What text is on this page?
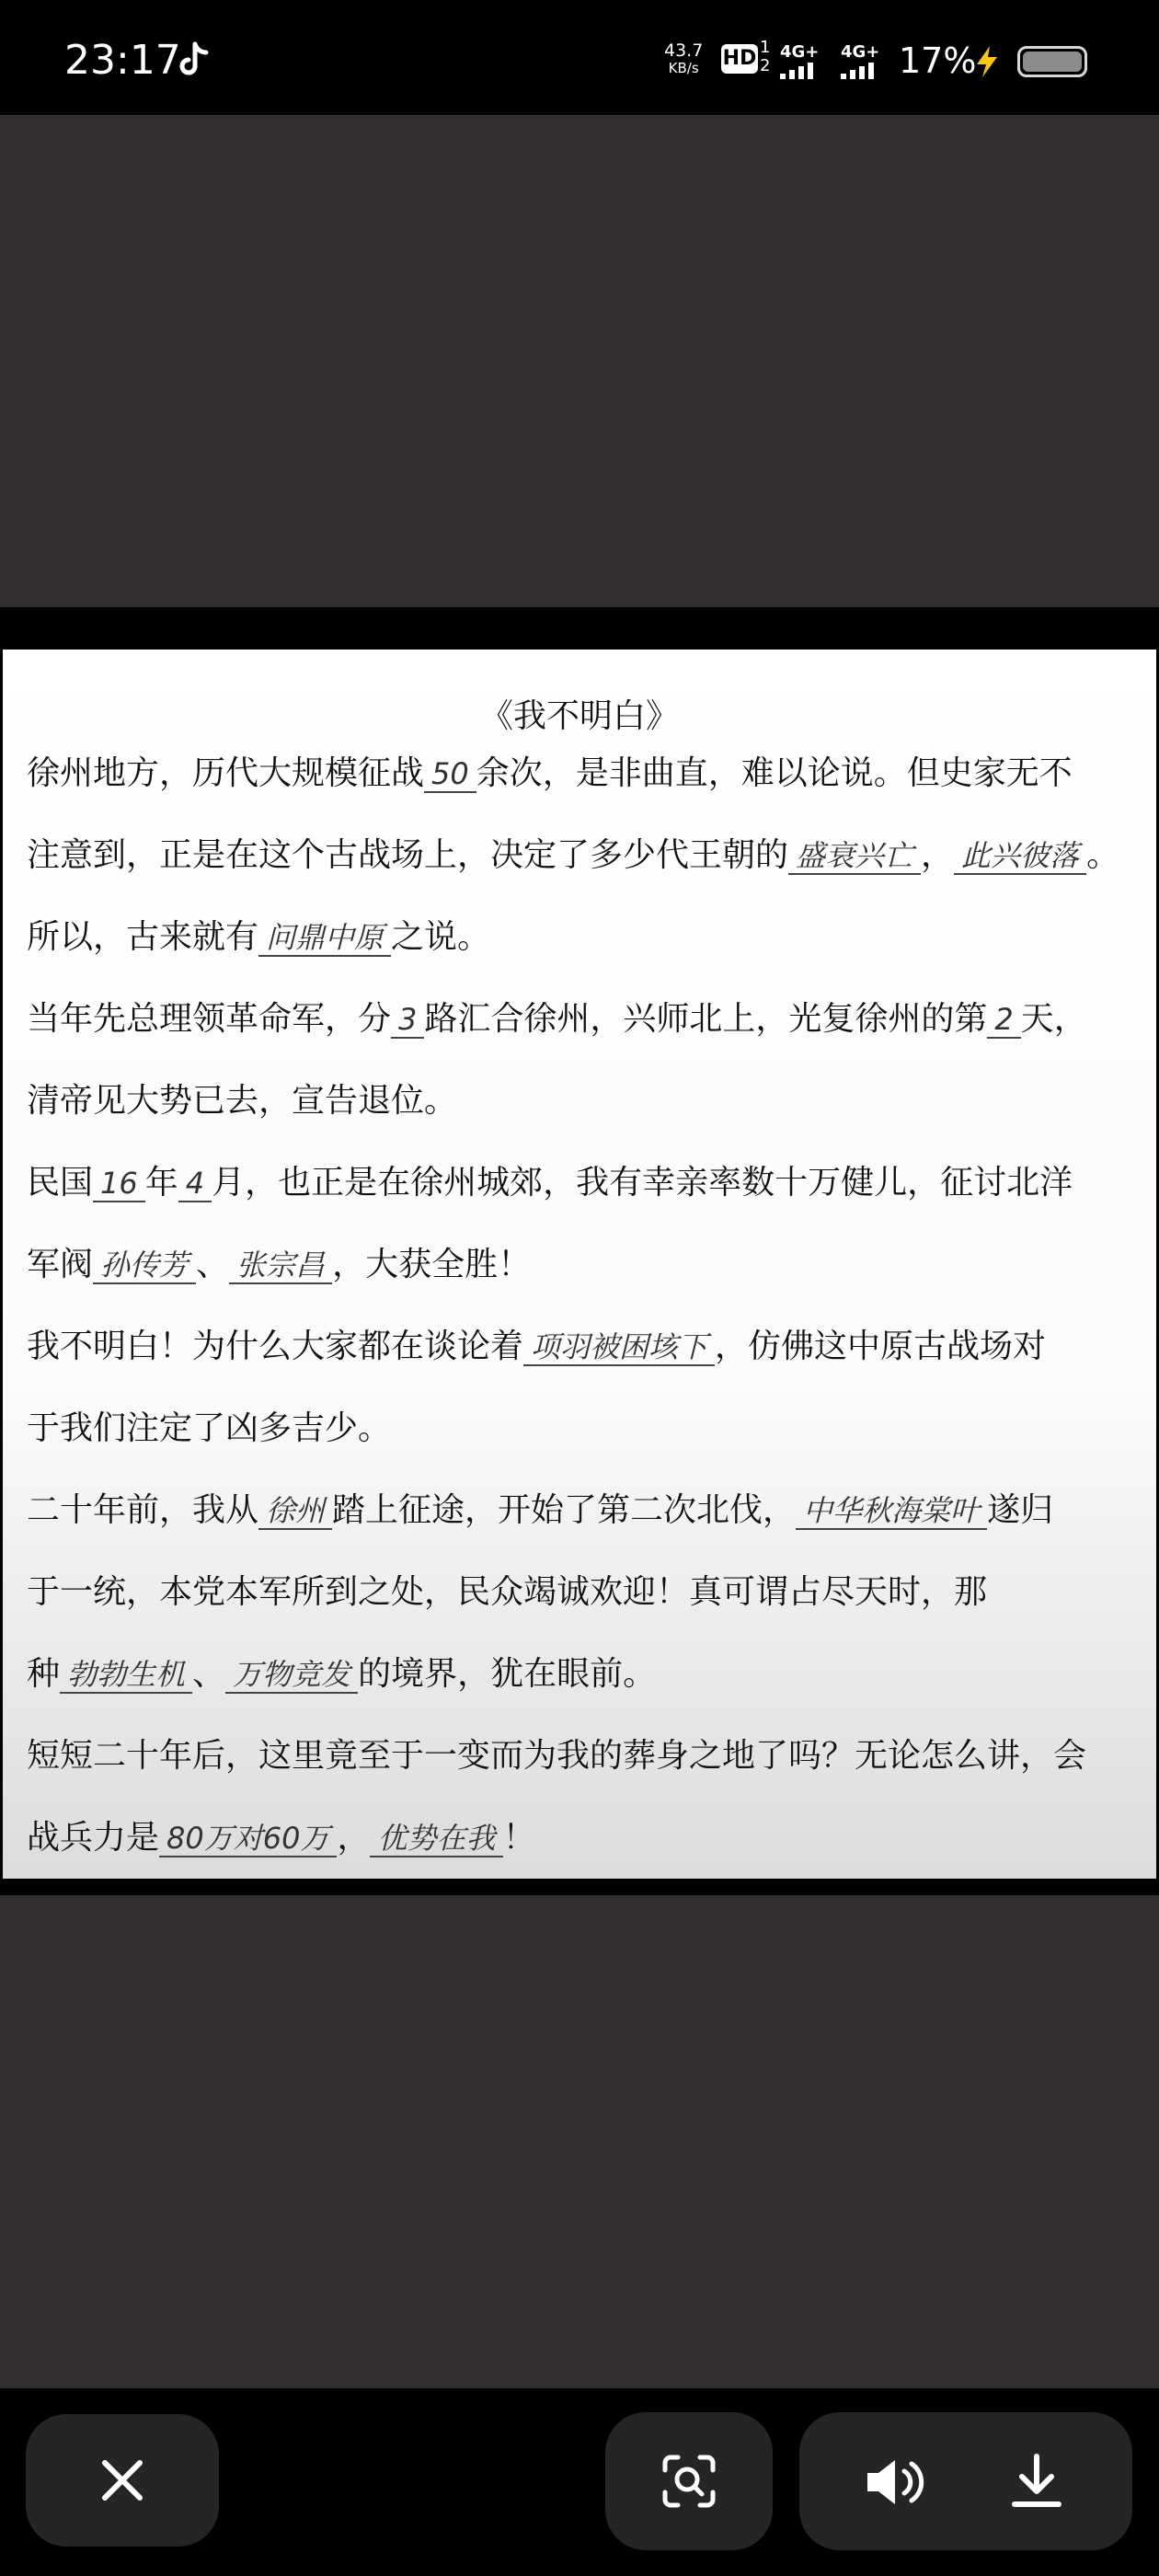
23:17	43.7
KB/s HD 1
2
4G+ 4G+ 17%
《我不明白》
徐州地方，历代大规模征战 50 余次，是非曲直，难以论说。但史家无不
注意到，正是在这个古战场上，决定了多少代王朝的 盛衰兴亡 ， 此兴彼落 。
所以，古来就有 问鼎中原 之说。
当年先总理领革命军，分 3 路汇合徐州，兴师北上，光复徐州的第 2 天，
清帝见大势已去，宣告退位。
民国 16 年 4 月，也正是在徐州城郊，我有幸亲率数十万健儿，征讨北洋
军阀 孙传芳 、 张宗昌 ，大获全胜！
我不明白！为什么大家都在谈论着 项羽被困垓下 ，仿佛这中原古战场对
于我们注定了凶多吉少。
二十年前，我从 徐州 踏上征途，开始了第二次北伐， 中华秋海棠叶 遂归
于一统，本党本军所到之处，民众竭诚欢迎！真可谓占尽天时，那
种 勃勃生机 、 万物竞发 的境界，犹在眼前。
短短二十年后，这里竟至于一变而为我的葬身之地了吗？无论怎么讲，会
战兵力是 80万对60万 ， 优势在我 ！
